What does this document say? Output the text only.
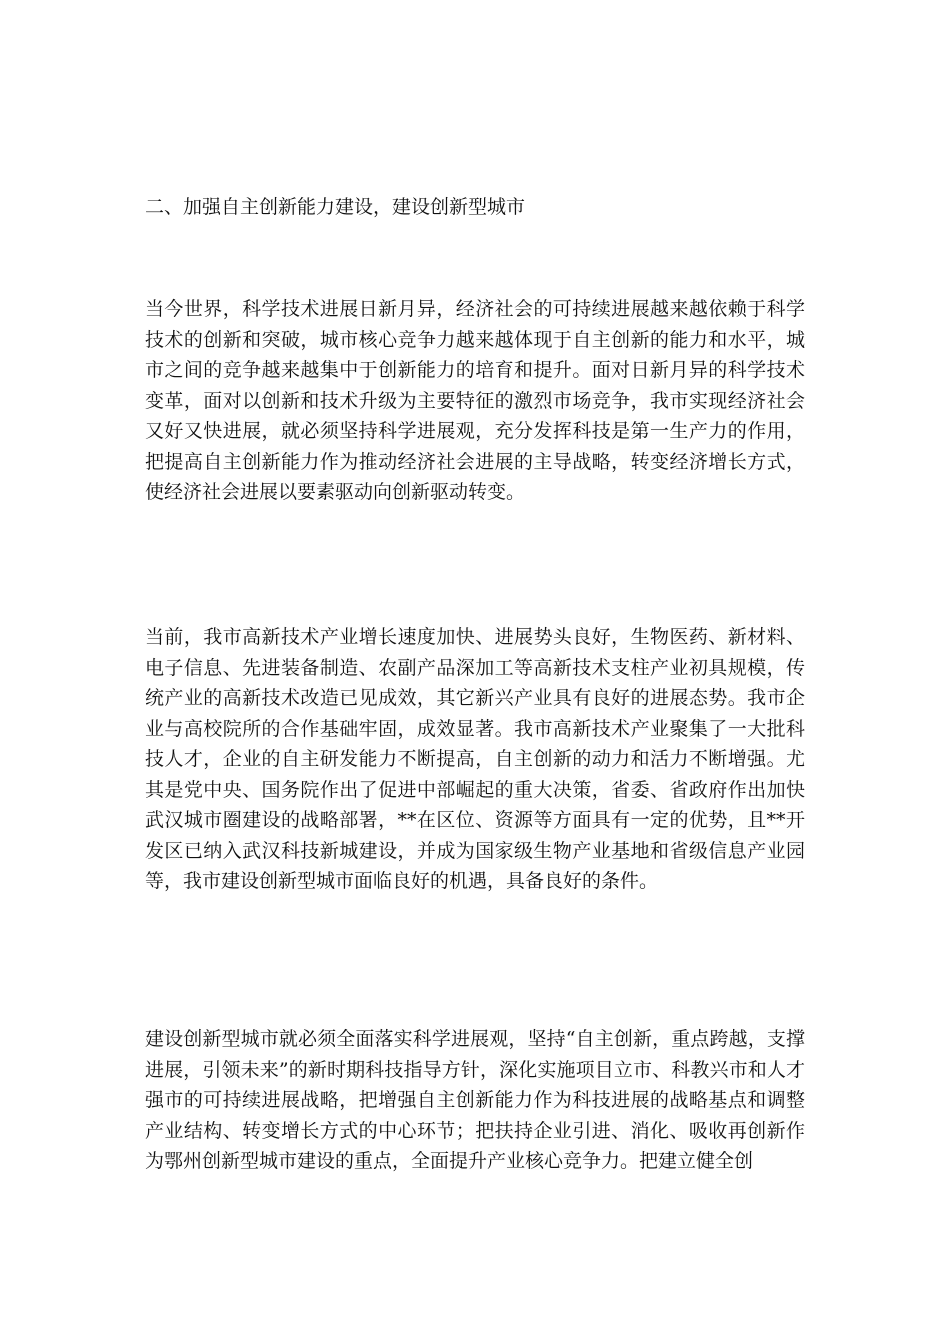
二、加强自主创新能力建设，建设创新型城市

当今世界，科学技术进展日新月异，经济社会的可持续进展越来越依赖于科学技术的创新和突破，城市核心竞争力越来越体现于自主创新的能力和水平，城市之间的竞争越来越集中于创新能力的培育和提升。面对日新月异的科学技术变革，面对以创新和技术升级为主要特征的激烈市场竞争，我市实现经济社会又好又快进展，就必须坚持科学进展观，充分发挥科技是第一生产力的作用，把提高自主创新能力作为推动经济社会进展的主导战略，转变经济增长方式，使经济社会进展以要素驱动向创新驱动转变。

当前，我市高新技术产业增长速度加快、进展势头良好，生物医药、新材料、电子信息、先进装备制造、农副产品深加工等高新技术支柱产业初具规模，传统产业的高新技术改造已见成效，其它新兴产业具有良好的进展态势。我市企业与高校院所的合作基础牢固，成效显著。我市高新技术产业聚集了一大批科技人才，企业的自主研发能力不断提高，自主创新的动力和活力不断增强。尤其是党中央、国务院作出了促进中部崛起的重大决策，省委、省政府作出加快武汉城市圈建设的战略部署，**在区位、资源等方面具有一定的优势，且**开发区已纳入武汉科技新城建设，并成为国家级生物产业基地和省级信息产业园等，我市建设创新型城市面临良好的机遇，具备良好的条件。

建设创新型城市就必须全面落实科学进展观，坚持“自主创新，重点跨越，支撑进展，引领未来”的新时期科技指导方针，深化实施项目立市、科教兴市和人才强市的可持续进展战略，把增强自主创新能力作为科技进展的战略基点和调整产业结构、转变增长方式的中心环节；把扶持企业引进、消化、吸收再创新作为鄂州创新型城市建设的重点，全面提升产业核心竞争力。把建立健全创
